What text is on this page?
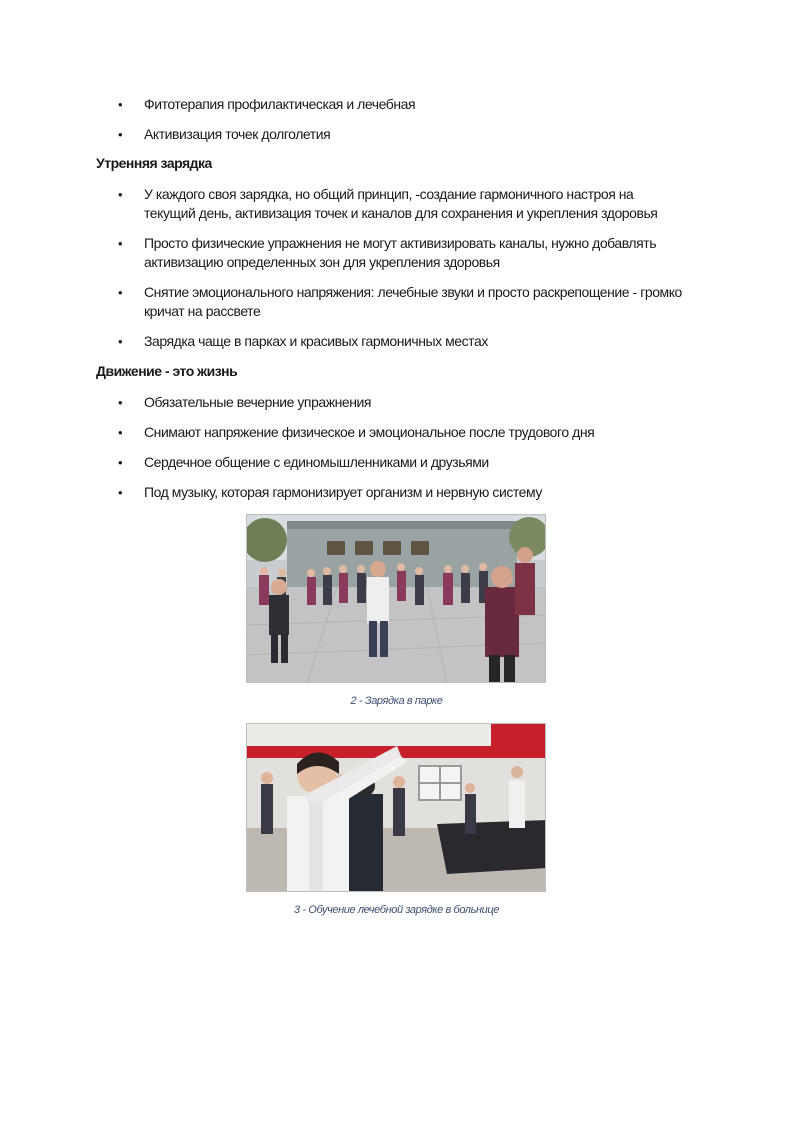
• Фитотерапия профилактическая и лечебная
• Активизация точек долголетия
Утренняя зарядка
• У каждого своя зарядка, но общий принцип, -создание гармоничного настроя на текущий день, активизация точек и каналов для сохранения и укрепления здоровья
• Просто физические упражнения не могут активизировать каналы, нужно добавлять активизацию определенных зон для укрепления здоровья
• Снятие эмоционального напряжения: лечебные звуки и просто раскрепощение - громко кричат на рассвете
• Зарядка чаще в парках и красивых гармоничных местах
Движение - это жизнь
• Обязательные вечерние упражнения
• Снимают напряжение физическое и эмоциональное после трудового дня
• Сердечное общение с единомышленниками и друзьями
• Под музыку, которая гармонизирует организм и нервную систему
2 - Зарядка в парке
3 - Обучение лечебной зарядке в больнице
